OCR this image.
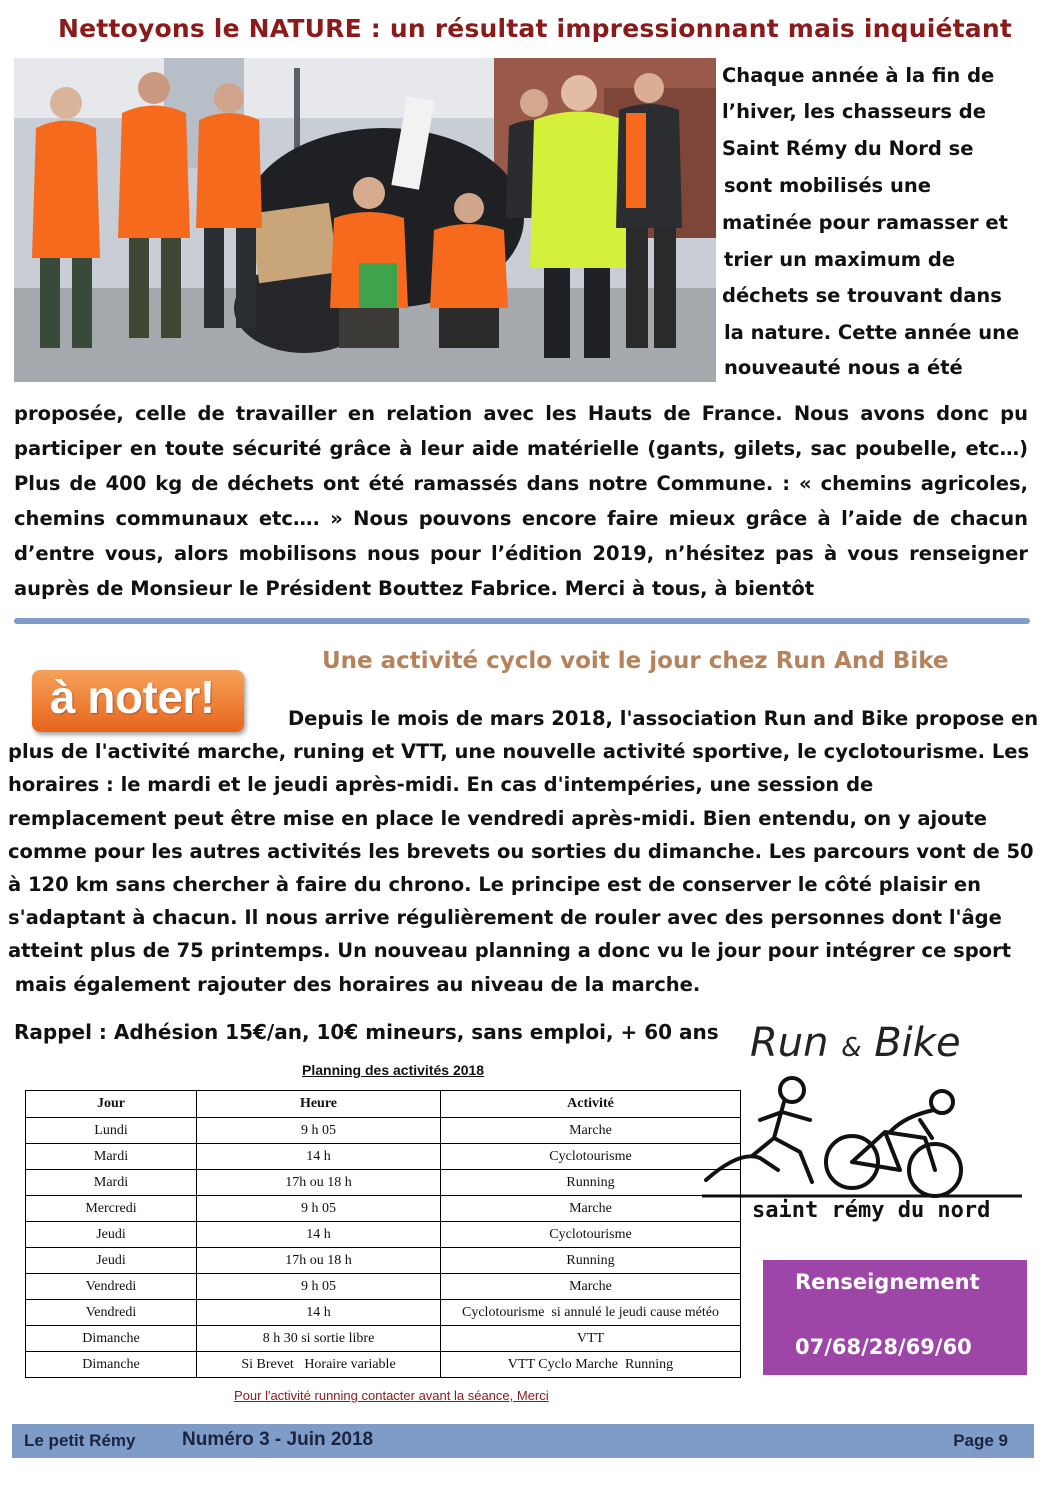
Nettoyons le NATURE : un résultat impressionnant mais inquiétant
Chaque année à la fin de
l’hiver, les chasseurs de
Saint Rémy du Nord se
sont mobilisés une
matinée pour ramasser et
trier un maximum de
déchets se trouvant dans
la nature. Cette année une
nouveauté nous a été

proposée, celle de travailler en relation avec les Hauts de France. Nous avons donc pu participer en toute sécurité grâce à leur aide matérielle (gants, gilets, sac poubelle, etc…) Plus de 400 kg de déchets ont été ramassés dans notre Commune. : « chemins agricoles, chemins communaux etc…. » Nous pouvons encore faire mieux grâce à l’aide de chacun d’entre vous, alors mobilisons nous pour l’édition 2019, n’hésitez pas à vous renseigner auprès de Monsieur le Président Bouttez Fabrice. Merci à tous, à bientôt

à noter!
Une activité cyclo voit le jour chez Run And Bike

Depuis le mois de mars 2018, l'association Run and Bike propose en

plus de l'activité marche, runing et VTT, une nouvelle activité sportive, le cyclotourisme. Les

horaires : le mardi et le jeudi après-midi. En cas d'intempéries, une session de

remplacement peut être mise en place le vendredi après-midi. Bien entendu, on y ajoute

comme pour les autres activités les brevets ou sorties du dimanche. Les parcours vont de 50

à 120 km sans chercher à faire du chrono. Le principe est de conserver le côté plaisir en

s'adaptant à chacun. Il nous arrive régulièrement de rouler avec des personnes dont l'âge

atteint plus de 75 printemps. Un nouveau planning a donc vu le jour pour intégrer ce sport

mais également rajouter des horaires au niveau de la marche.

Rappel : Adhésion 15€/an, 10€ mineurs, sans emploi, + 60 ans Run & Bike
saint rémy du nord
Planning des activités 2018
Jour	Heure	Activité
Lundi	9 h 05	Marche
Mardi	14 h	Cyclotourisme
Mardi	17h ou 18 h	Running
Mercredi	9 h 05	Marche
Jeudi	14 h	Cyclotourisme
Jeudi	17h ou 18 h	Running
Vendredi	9 h 05	Marche
Vendredi	14 h	Cyclotourisme  si annulé le jeudi cause météo
Dimanche	8 h 30 si sortie libre	VTT
Dimanche	Si Brevet   Horaire variable	VTT Cyclo Marche  Running
Pour l'activité running contacter avant la séance, Merci
Renseignement
07/68/28/69/60
Le petit Rémy Numéro 3 - Juin 2018	Page 9
